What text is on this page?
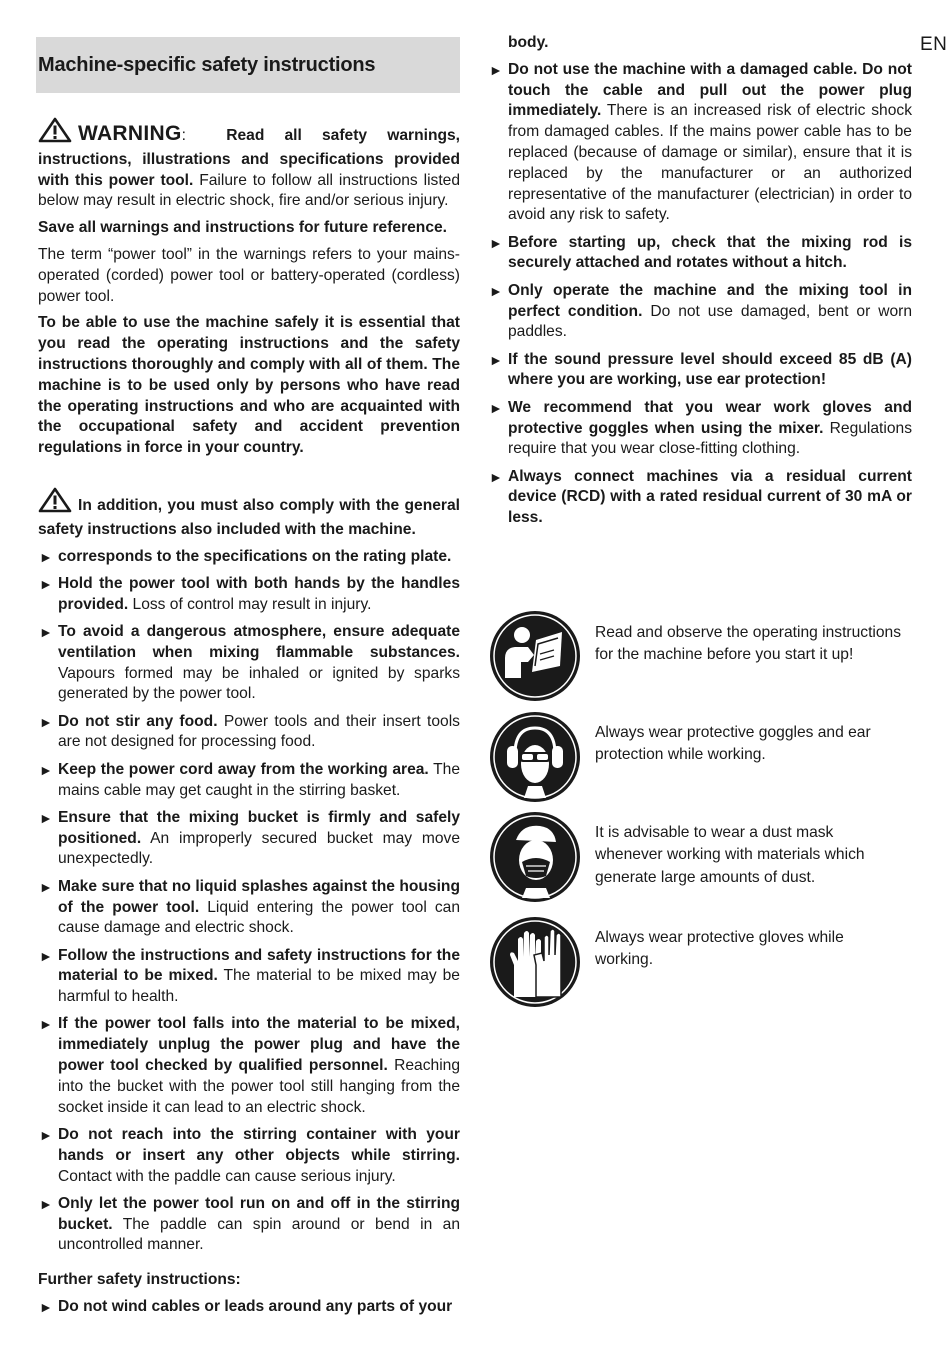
EN
Machine-specific safety instructions

WARNING:	Read all safety warnings, instructions, illustrations and specifications provided with this power tool. Failure to follow all instructions listed below may result in electric shock, fire and/or serious injury.

Save all warnings and instructions for future reference.

The term “power tool” in the warnings refers to your mains-operated (corded) power tool or battery-operated (cordless) power tool.

To be able to use the machine safely it is essential that you read the operating instructions and the safety instructions thoroughly and comply with all of them. The machine is to be used only by persons who have read the operating instructions and who are acquainted with the occupational safety and accident prevention regulations in force in your country.

In addition, you must also comply with the general safety instructions also included with the machine.

► corresponds to the specifications on the rating plate.
► Hold the power tool with both hands by the handles provided. Loss of control may result in injury.
► To avoid a dangerous atmosphere, ensure adequate ventilation when mixing flammable substances. Vapours formed may be inhaled or ignited by sparks generated by the power tool.
► Do not stir any food. Power tools and their insert tools are not designed for processing food.
► Keep the power cord away from the working area. The mains cable may get caught in the stirring basket.
► Ensure that the mixing bucket is firmly and safely positioned. An improperly secured bucket may move unexpectedly.
► Make sure that no liquid splashes against the housing of the power tool. Liquid entering the power tool can cause damage and electric shock.
► Follow the instructions and safety instructions for the material to be mixed. The material to be mixed may be harmful to health.
► If the power tool falls into the material to be mixed, immediately unplug the power plug and have the power tool checked by qualified personnel. Reaching into the bucket with the power tool still hanging from the socket inside it can lead to an electric shock.
► Do not reach into the stirring container with your hands or insert any other objects while stirring. Contact with the paddle can cause serious injury.
► Only let the power tool run on and off in the stirring bucket. The paddle can spin around or bend in an uncontrolled manner.

Further safety instructions:

► Do not wind cables or leads around any parts of your

body.

► Do not use the machine with a damaged cable. Do not touch the cable and pull out the power plug immediately. There is an increased risk of electric shock from damaged cables. If the mains power cable has to be replaced (because of damage or similar), ensure that it is replaced by the manufacturer or an authorized representative of the manufacturer (electrician) in order to avoid any risk to safety.
► Before starting up, check that the mixing rod is securely attached and rotates without a hitch.
► Only operate the machine and the mixing tool in perfect condition. Do not use damaged, bent or worn paddles.
► If the sound pressure level should exceed 85 dB (A) where you are working, use ear protection!
► We recommend that you wear work gloves and protective goggles when using the mixer. Regulations require that you wear close-fitting clothing.
► Always connect machines via a residual current device (RCD) with a rated residual current of 30 mA or less.
Read and observe the operating instructions for the machine before you start it up!
Always wear protective goggles and ear protection while working.
It is advisable to wear a dust mask whenever working with materials which generate large amounts of dust.
Always wear protective gloves while working.
